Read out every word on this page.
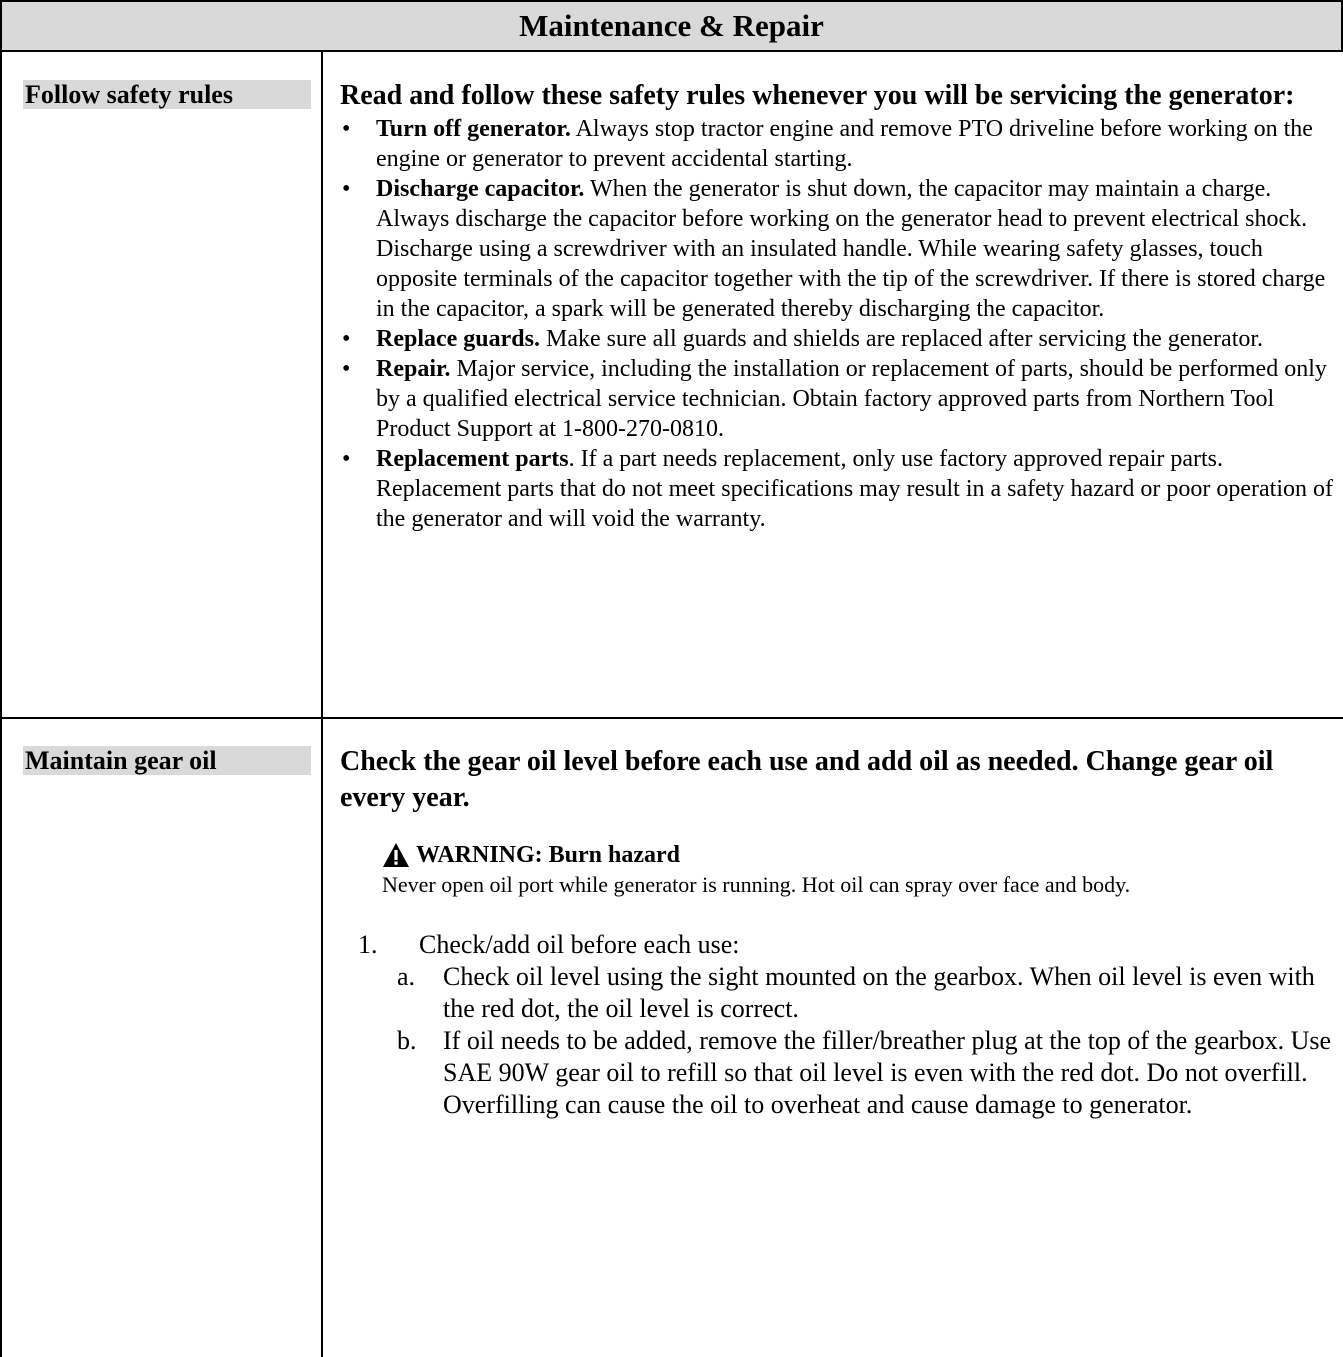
Maintenance & Repair
Follow safety rules	Read and follow these safety rules whenever you will be servicing the generator:

• Turn off generator. Always stop tractor engine and remove PTO driveline before working on the engine or generator to prevent accidental starting.
• Discharge capacitor. When the generator is shut down, the capacitor may maintain a charge. Always discharge the capacitor before working on the generator head to prevent electrical shock. Discharge using a screwdriver with an insulated handle. While wearing safety glasses, touch opposite terminals of the capacitor together with the tip of the screwdriver. If there is stored charge in the capacitor, a spark will be generated thereby discharging the capacitor.
• Replace guards. Make sure all guards and shields are replaced after servicing the generator.
• Repair. Major service, including the installation or replacement of parts, should be performed only by a qualified electrical service technician. Obtain factory approved parts from Northern Tool Product Support at 1-800-270-0810.
• Replacement parts. If a part needs replacement, only use factory approved repair parts. Replacement parts that do not meet specifications may result in a safety hazard or poor operation of the generator and will void the warranty.
Maintain gear oil	Check the gear oil level before each use and add oil as needed. Change gear oil every year.

WARNING: Burn hazard

Never open oil port while generator is running. Hot oil can spray over face and body.

1. Check/add oil before each use:
a. Check oil level using the sight mounted on the gearbox. When oil level is even with the red dot, the oil level is correct.
b. If oil needs to be added, remove the filler/breather plug at the top of the gearbox. Use SAE 90W gear oil to refill so that oil level is even with the red dot. Do not overfill. Overfilling can cause the oil to overheat and cause damage to generator.
